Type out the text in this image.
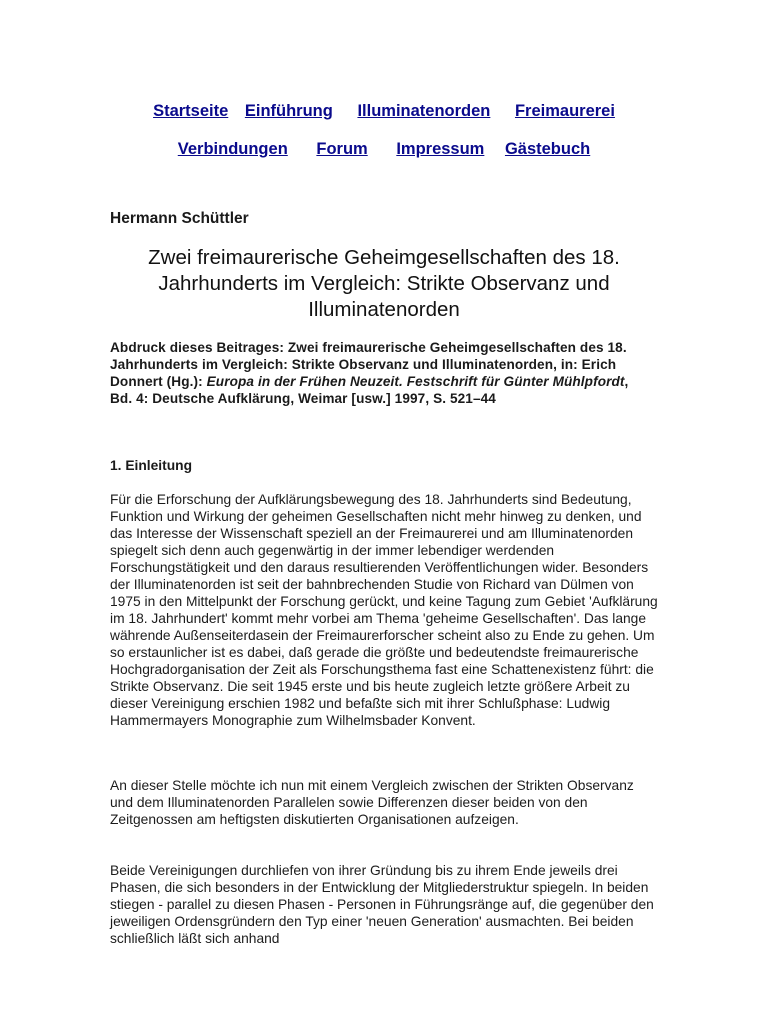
Startseite Einführung Illuminatenorden Freimaurerei
Verbindungen Forum Impressum Gästebuch
Hermann Schüttler
Zwei freimaurerische Geheimgesellschaften des 18. Jahrhunderts im Vergleich: Strikte Observanz und Illuminatenorden
Abdruck dieses Beitrages: Zwei freimaurerische Geheimgesellschaften des 18. Jahrhunderts im Vergleich: Strikte Observanz und Illuminatenorden, in: Erich Donnert (Hg.): Europa in der Frühen Neuzeit. Festschrift für Günter Mühlpfordt, Bd. 4: Deutsche Aufklärung, Weimar [usw.] 1997, S. 521–44
1. Einleitung

Für die Erforschung der Aufklärungsbewegung des 18. Jahrhunderts sind Bedeutung, Funktion und Wirkung der geheimen Gesellschaften nicht mehr hinweg zu denken, und das Interesse der Wissenschaft speziell an der Freimaurerei und am Illuminatenorden spiegelt sich denn auch gegenwärtig in der immer lebendiger werdenden Forschungstätigkeit und den daraus resultierenden Veröffentlichungen wider. Besonders der Illuminatenorden ist seit der bahnbrechenden Studie von Richard van Dülmen von 1975 in den Mittelpunkt der Forschung gerückt, und keine Tagung zum Gebiet 'Aufklärung im 18. Jahrhundert' kommt mehr vorbei am Thema 'geheime Gesellschaften'. Das lange währende Außenseiterdasein der Freimaurerforscher scheint also zu Ende zu gehen. Um so erstaunlicher ist es dabei, daß gerade die größte und bedeutendste freimaurerische Hochgradorganisation der Zeit als Forschungsthema fast eine Schattenexistenz führt: die Strikte Observanz. Die seit 1945 erste und bis heute zugleich letzte größere Arbeit zu dieser Vereinigung erschien 1982 und befaßte sich mit ihrer Schlußphase: Ludwig Hammermayers Monographie zum Wilhelmsbader Konvent.

An dieser Stelle möchte ich nun mit einem Vergleich zwischen der Strikten Observanz und dem Illuminatenorden Parallelen sowie Differenzen dieser beiden von den Zeitgenossen am heftigsten diskutierten Organisationen aufzeigen.

Beide Vereinigungen durchliefen von ihrer Gründung bis zu ihrem Ende jeweils drei Phasen, die sich besonders in der Entwicklung der Mitgliederstruktur spiegeln. In beiden stiegen - parallel zu diesen Phasen - Personen in Führungsränge auf, die gegenüber den jeweiligen Ordensgründern den Typ einer 'neuen Generation' ausmachten. Bei beiden schließlich läßt sich anhand
